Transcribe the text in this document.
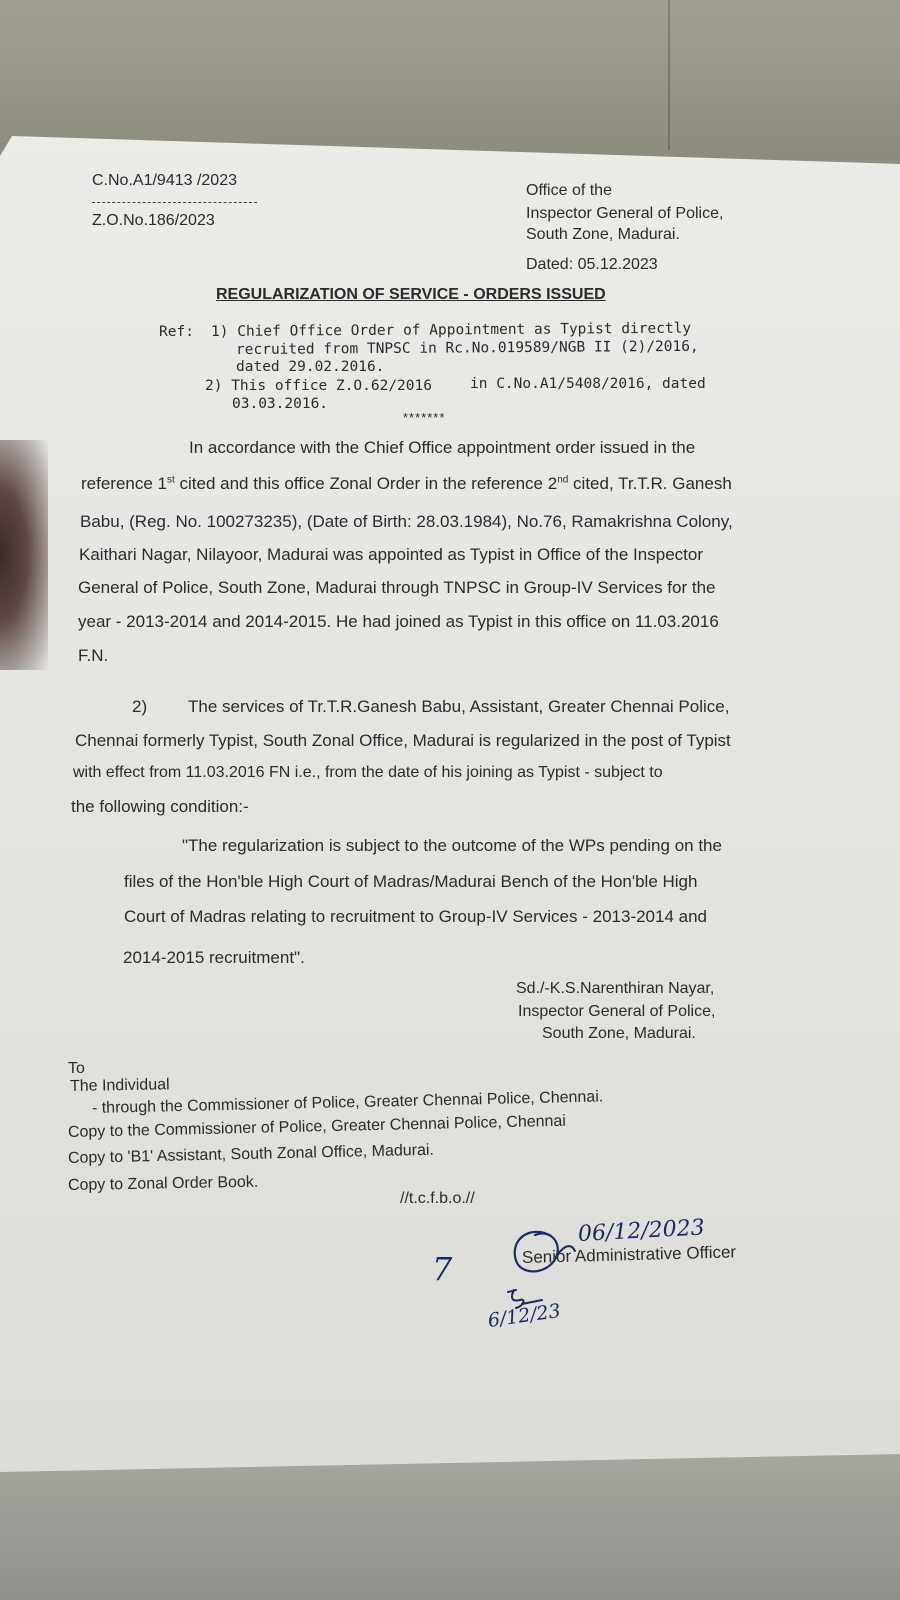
C.No.A1/9413 /2023
Z.O.No.186/2023
Office of the
Inspector General of Police,
South Zone, Madurai.
Dated: 05.12.2023
REGULARIZATION OF SERVICE - ORDERS ISSUED
Ref: 1) Chief Office Order of Appointment as Typist directly
recruited from TNPSC in Rc.No.019589/NGB II (2)/2016,
dated 29.02.2016.
2) This office Z.O.62/2016	in C.No.A1/5408/2016, dated
03.03.2016.
*******
In accordance with the Chief Office appointment order issued in the
reference 1st cited and this office Zonal Order in the reference 2nd cited, Tr.T.R. Ganesh
Babu, (Reg. No. 100273235), (Date of Birth: 28.03.1984), No.76, Ramakrishna Colony,
Kaithari Nagar, Nilayoor, Madurai was appointed as Typist in Office of the Inspector
General of Police, South Zone, Madurai through TNPSC in Group-IV Services for the
year - 2013-2014 and 2014-2015. He had joined as Typist in this office on 11.03.2016
F.N.
2) The services of Tr.T.R.Ganesh Babu, Assistant, Greater Chennai Police,
Chennai formerly Typist, South Zonal Office, Madurai is regularized in the post of Typist
with effect from 11.03.2016 FN i.e., from the date of his joining as Typist - subject to
the following condition:-
"The regularization is subject to the outcome of the WPs pending on the
files of the Hon'ble High Court of Madras/Madurai Bench of the Hon'ble High
Court of Madras relating to recruitment to Group-IV Services - 2013-2014 and
2014-2015 recruitment".
Sd./-K.S.Narenthiran Nayar,
Inspector General of Police,
South Zone, Madurai.
To
The Individual
- through the Commissioner of Police, Greater Chennai Police, Chennai.
Copy to the Commissioner of Police, Greater Chennai Police, Chennai
Copy to 'B1' Assistant, South Zonal Office, Madurai.
Copy to Zonal Order Book.
//t.c.f.b.o.//
06/12/2023
Senior Administrative Officer
7
6/12/23
